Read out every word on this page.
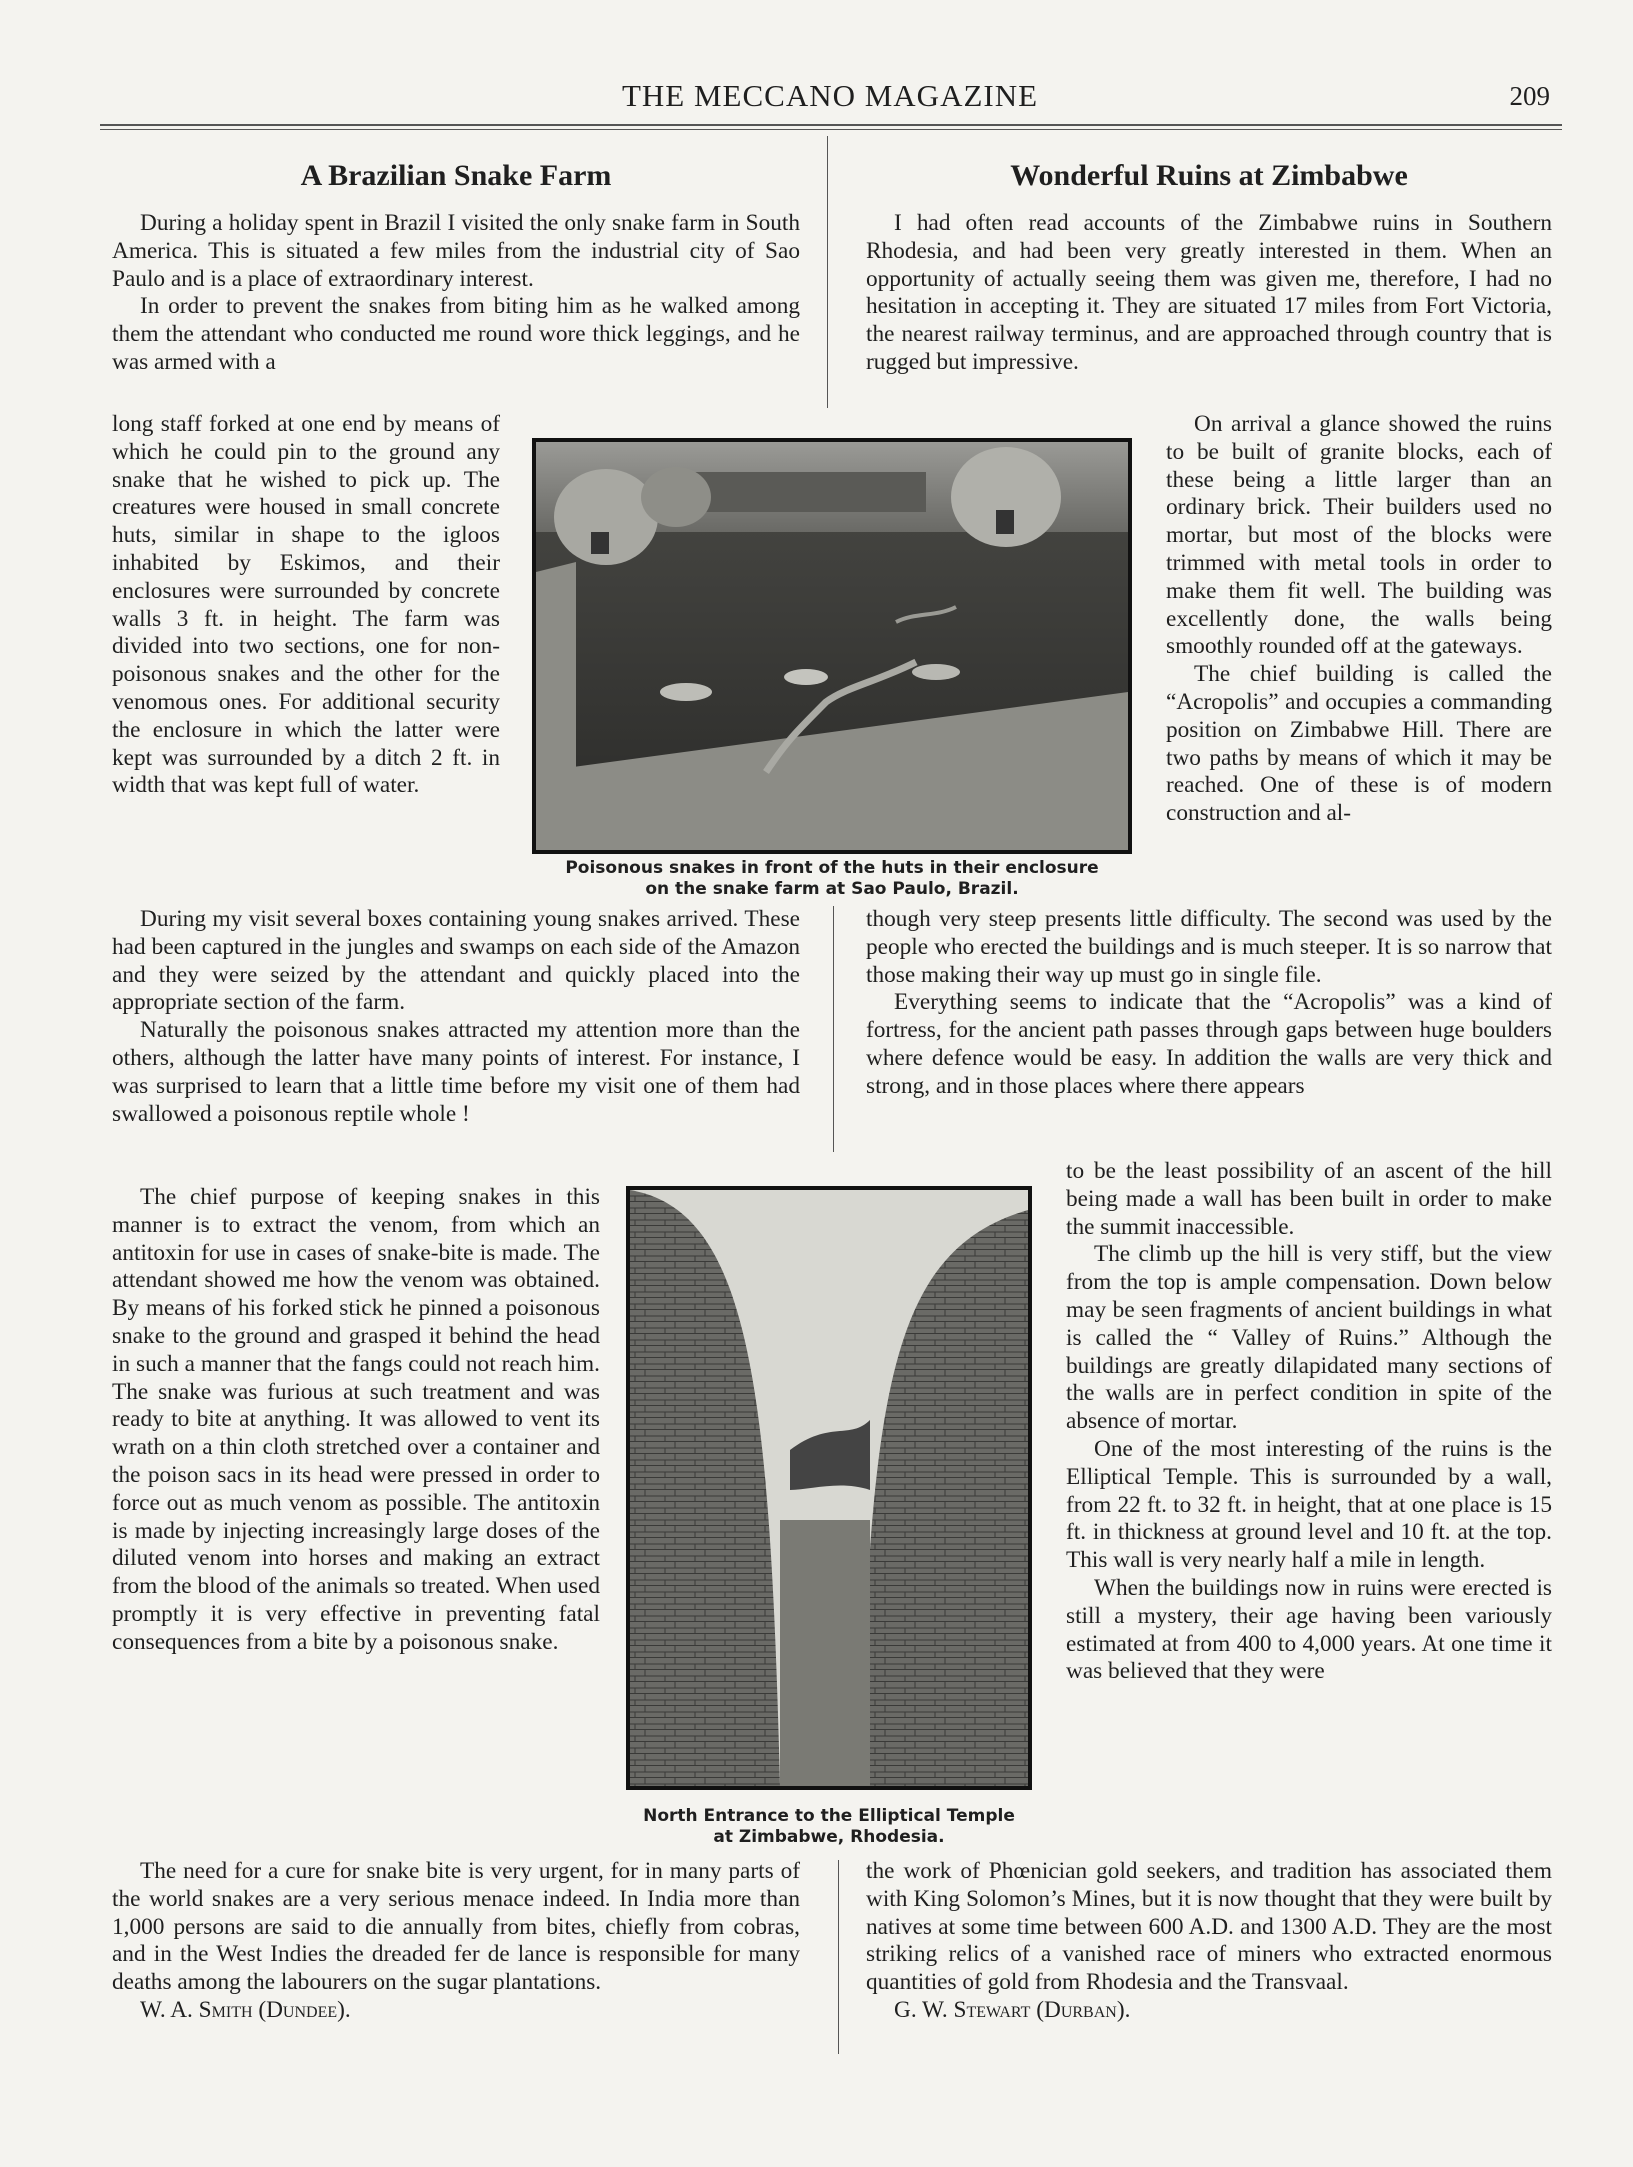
THE MECCANO MAGAZINE	209
A Brazilian Snake Farm

During a holiday spent in Brazil I visited the only snake farm in South America. This is situated a few miles from the industrial city of Sao Paulo and is a place of extraordinary interest.

In order to prevent the snakes from biting him as he walked among them the attendant who conducted me round wore thick leggings, and he was armed with a

long staff forked at one end by means of which he could pin to the ground any snake that he wished to pick up. The creatures were housed in small concrete huts, similar in shape to the igloos inhabited by Eskimos, and their enclosures were surrounded by concrete walls 3 ft. in height. The farm was divided into two sections, one for non-poisonous snakes and the other for the venomous ones. For additional security the enclosure in which the latter were kept was surrounded by a ditch 2 ft. in width that was kept full of water.

During my visit several boxes containing young snakes arrived. These had been captured in the jungles and swamps on each side of the Amazon and they were seized by the attendant and quickly placed into the appropriate section of the farm.

Naturally the poisonous snakes attracted my attention more than the others, although the latter have many points of interest. For instance, I was surprised to learn that a little time before my visit one of them had swallowed a poisonous reptile whole !

The chief purpose of keeping snakes in this manner is to extract the venom, from which an antitoxin for use in cases of snake-bite is made. The attendant showed me how the venom was obtained. By means of his forked stick he pinned a poisonous snake to the ground and grasped it behind the head in such a manner that the fangs could not reach him. The snake was furious at such treatment and was ready to bite at anything. It was allowed to vent its wrath on a thin cloth stretched over a container and the poison sacs in its head were pressed in order to force out as much venom as possible. The antitoxin is made by injecting increasingly large doses of the diluted venom into horses and making an extract from the blood of the animals so treated. When used promptly it is very effective in preventing fatal consequences from a bite by a poisonous snake.

The need for a cure for snake bite is very urgent, for in many parts of the world snakes are a very serious menace indeed. In India more than 1,000 persons are said to die annually from bites, chiefly from cobras, and in the West Indies the dreaded fer de lance is responsible for many deaths among the labourers on the sugar plantations.

W. A. Smith (Dundee).

Wonderful Ruins at Zimbabwe

I had often read accounts of the Zimbabwe ruins in Southern Rhodesia, and had been very greatly interested in them. When an opportunity of actually seeing them was given me, therefore, I had no hesitation in accepting it. They are situated 17 miles from Fort Victoria, the nearest railway terminus, and are approached through country that is rugged but impressive.

On arrival a glance showed the ruins to be built of granite blocks, each of these being a little larger than an ordinary brick. Their builders used no mortar, but most of the blocks were trimmed with metal tools in order to make them fit well. The building was excellently done, the walls being smoothly rounded off at the gateways.

The chief building is called the “Acropolis” and occupies a commanding position on Zimbabwe Hill. There are two paths by means of which it may be reached. One of these is of modern construction and al-

though very steep presents little difficulty. The second was used by the people who erected the buildings and is much steeper. It is so narrow that those making their way up must go in single file.

Everything seems to indicate that the “Acropolis” was a kind of fortress, for the ancient path passes through gaps between huge boulders where defence would be easy. In addition the walls are very thick and strong, and in those places where there appears

to be the least possibility of an ascent of the hill being made a wall has been built in order to make the summit inaccessible.

The climb up the hill is very stiff, but the view from the top is ample compensation. Down below may be seen fragments of ancient buildings in what is called the “ Valley of Ruins.” Although the buildings are greatly dilapidated many sections of the walls are in perfect condition in spite of the absence of mortar.

One of the most interesting of the ruins is the Elliptical Temple. This is surrounded by a wall, from 22 ft. to 32 ft. in height, that at one place is 15 ft. in thickness at ground level and 10 ft. at the top. This wall is very nearly half a mile in length.

When the buildings now in ruins were erected is still a mystery, their age having been variously estimated at from 400 to 4,000 years. At one time it was believed that they were

the work of Phœnician gold seekers, and tradition has associated them with King Solomon’s Mines, but it is now thought that they were built by natives at some time between 600 A.D. and 1300 A.D. They are the most striking relics of a vanished race of miners who extracted enormous quantities of gold from Rhodesia and the Transvaal.

G. W. Stewart (Durban).

Poisonous snakes in front of the huts in their enclosure
on the snake farm at Sao Paulo, Brazil.
North Entrance to the Elliptical Temple
at Zimbabwe, Rhodesia.
